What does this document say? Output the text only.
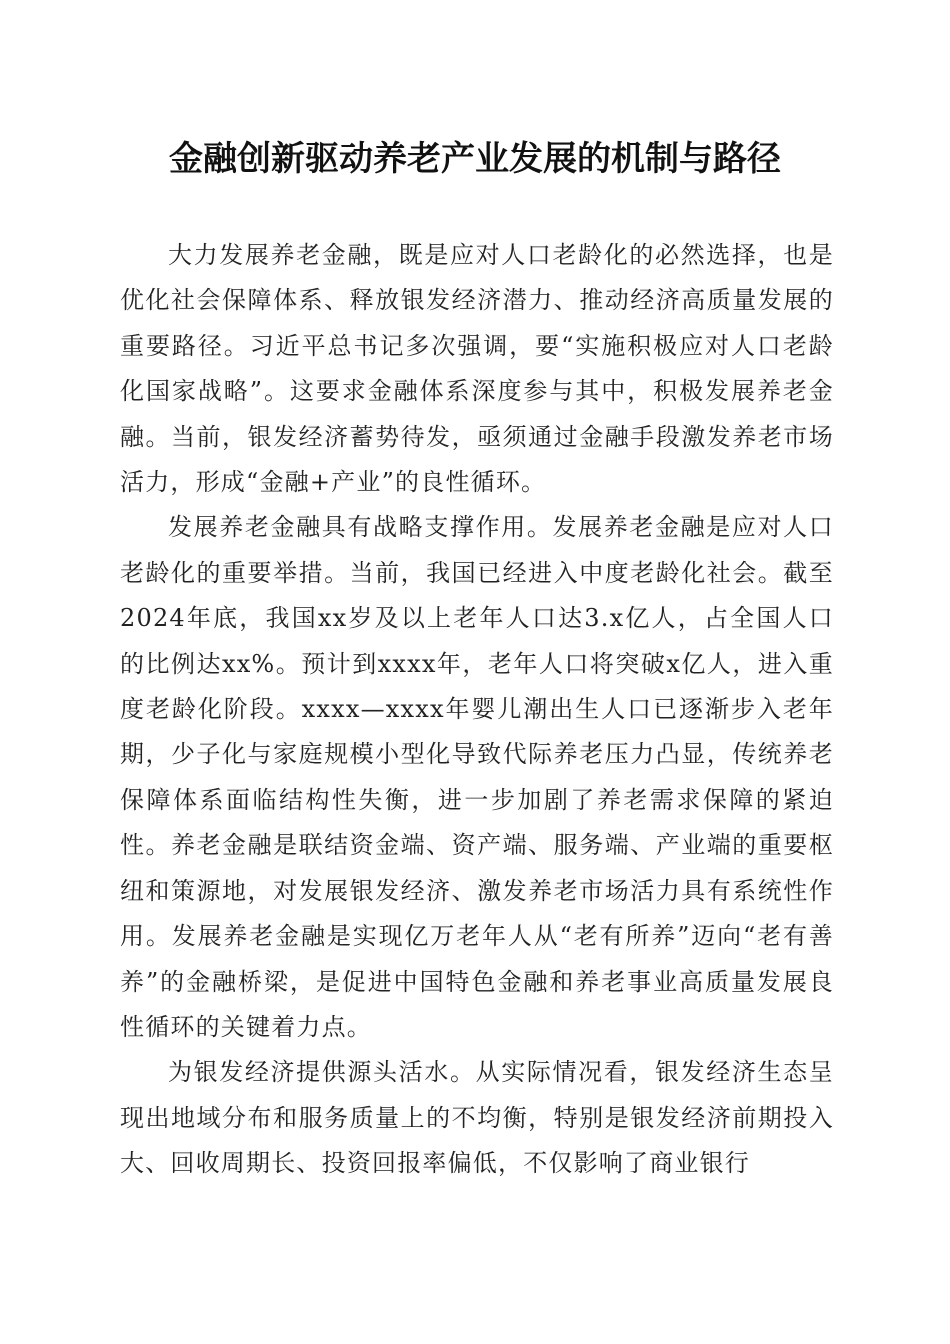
金融创新驱动养老产业发展的机制与路径

大力发展养老金融，既是应对人口老龄化的必然选择，也是优化社会保障体系、释放银发经济潜力、推动经济高质量发展的重要路径。习近平总书记多次强调，要“实施积极应对人口老龄化国家战略”。这要求金融体系深度参与其中，积极发展养老金融。当前，银发经济蓄势待发，亟须通过金融手段激发养老市场活力，形成“金融+产业”的良性循环。

发展养老金融具有战略支撑作用。发展养老金融是应对人口老龄化的重要举措。当前，我国已经进入中度老龄化社会。截至2024年底，我国xx岁及以上老年人口达3.x亿人，占全国人口的比例达xx%。预计到xxxx年，老年人口将突破x亿人，进入重度老龄化阶段。xxxx—xxxx年婴儿潮出生人口已逐渐步入老年期，少子化与家庭规模小型化导致代际养老压力凸显，传统养老保障体系面临结构性失衡，进一步加剧了养老需求保障的紧迫性。养老金融是联结资金端、资产端、服务端、产业端的重要枢纽和策源地，对发展银发经济、激发养老市场活力具有系统性作用。发展养老金融是实现亿万老年人从“老有所养”迈向“老有善养”的金融桥梁，是促进中国特色金融和养老事业高质量发展良性循环的关键着力点。

为银发经济提供源头活水。从实际情况看，银发经济生态呈现出地域分布和服务质量上的不均衡，特别是银发经济前期投入大、回收周期长、投资回报率偏低，不仅影响了商业银行
